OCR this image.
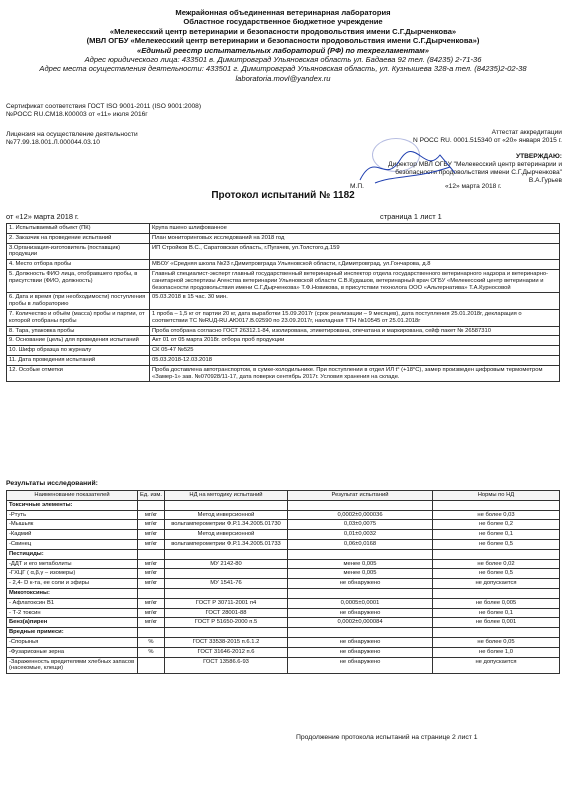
Межрайонная объединенная ветеринарная лаборатория
Областное государственное бюджетное учреждение
«Мелекесский центр ветеринарии и безопасности продовольствия имени С.Г.Дырченкова»
(МВЛ ОГБУ «Мелекесский центр ветеринарии и безопасности продовольствия имени С.Г.Дырченкова»)
«Единый реестр испытательных лабораторий (РФ) по техрегламентам»
Адрес юридического лица: 433501 в. Димитровград Ульяновская область ул. Бадаева 92 тел. (84235) 2-71-36
Адрес места осуществления деятельности: 433501 г. Димитровград Ульяновская область, ул. Кузнышева 328-а тел. (84235)2-02-38
laboratoria.movl@yandex.ru
Сертификат соответствия ГОСТ ISO 9001-2011 (ISO 9001:2008)
№РОСС RU.СМ18.К00003 от «11» июля 2016г
Лицензия на осуществление деятельности
№77.99.18.001.Л.000044.03.10
Аттестат аккредитации
N РОСС RU. 0001.515340 от «20» января 2015 г.
УТВЕРЖДАЮ:
Директор МВЛ ОГБУ "Мелекесский центр ветеринарии и
безопасности продовольствия имени С.Г.Дырченкова"
В.А.Гурьев
М.П.	«12» марта 2018 г.
Протокол испытаний № 1182
от «12» марта 2018 г.	страница 1 лист 1
1. Испытываемый объект (ПК)	Крупа пшено шлифованное
2. Заказчик на проведение испытаний	План мониторинговых исследований на 2018 год
3.Организация-изготовитель (поставщик) продукции	ИП Стройков В.С., Саратовская область, г.Пугачев, ул.Толстого,д.159
4. Место отбора пробы	МБОУ «Средняя школа №23 г.Димитровграда Ульяновской области, г.Димитровград, ул.Гончарова, д.8
5. Должность ФИО лица, отобравшего пробы, в присутствии (ФИО, должность)	Главный специалист-эксперт главный государственный ветеринарный инспектор отдела государственного ветеринарного надзора и ветеринарно-санитарной экспертизы Агенства ветеринарии Ульяновской области С.В.Кудашов, ветеринарный врач ОГБУ «Мелекесский центр ветеринарии и безопасности продовольствия имени С.Г.Дырченкова» Т.Ф.Новикова, в присутствии технолога ООО «Альтернатива» Т.А.Курносовой
6. Дата и время (при необходимости) поступления пробы в лабораторию	05.03.2018 в 15 час. 30 мин.
7. Количество и объём (масса) пробы и партии, от которой отобраны пробы	1 проба – 1,5 кг от партии 20 кг, дата выработки 15.09.2017г (срок реализации – 9 месяцев), дата поступления 25.01.2018г, декларация о соответствии ТС №RUД-RU.АЮ017.В.02590 по 23.09.2017г, накладная ТТН №10545 от 25.01.2018г
8. Тара, упаковка пробы	Проба отобрана согласно ГОСТ 26312.1-84, изолирована, этикетирована, опечатана и маркирована, сейф пакет № 26587310
9. Основание (цель) для проведения испытаний	Акт 01 от 05 марта 2018г. отбора проб продукции
10. Шифр образца по журналу	СК 05-47 №525
11. Дата проведения испытаний	05.03.2018-12.03.2018
12. Особые отметки	Проба доставлена автотранспортом, в сумке-холодильнике. При поступлении в отдел ИЛ t° (+18°С), замер произведен цифровым термометром «Замер-1» зав. №070928/11-17, дата поверки сентябрь 2017г. Условия хранения на складе.
Результаты исследований:
Наименование показателей	Ед. изм.	НД на методику испытаний	Результат испытаний	Нормы по НД
Токсичные элементы:				
-Ртуть	мг/кг	Метод инверсионной	0,0002±0,000036	не более 0,03
-Мышьяк	мг/кг	вольтамперометрии Ф.Р.1.34.2005.01730	0,03±0,0075	не более 0,2
-Кадмий	мг/кг	Метод инверсионной	0,01±0,0032	не более 0,1
-Свинец	мг/кг	вольтамперометрии Ф.Р.1.34.2005.01733	0,06±0,0168	не более 0,5
Пестициды:				
-ДДТ и его метаболиты	мг/кг	МУ 2142-80	менее 0,005	не более 0,02
-ГХЦГ ( α,β,γ – изомеры)	мг/кг		менее 0,005	не более 0,5
- 2,4- D к-та, ее соли и эфиры	мг/кг	МУ 1541-76	не обнаружено	не допускается
Микотоксины:				
- Афлатоксин В1	мг/кг	ГОСТ Р 30711-2001 п4	0,0005±0,0001	не более 0,005
- Т-2 токсин	мг/кг	ГОСТ 28001-88	не обнаружено	не более 0,1
Бенз(а)пирен	мг/кг	ГОСТ Р 51650-2000 п.5	0,0002±0,000084	не более 0,001
Вредные примеси:				
-Спорынья	%	ГОСТ 33538-2015 п.6.1.2	не обнаружено	не более 0,05
-Фузариозные зерна	%	ГОСТ 31646-2012 п.6	не обнаружено	не более 1,0
-Зараженность вредителями хлебных запасов (насекомые, клещи)		ГОСТ 13586.6-93	не обнаружено	не допускается
Продолжение протокола испытаний на странице 2 лист 1
